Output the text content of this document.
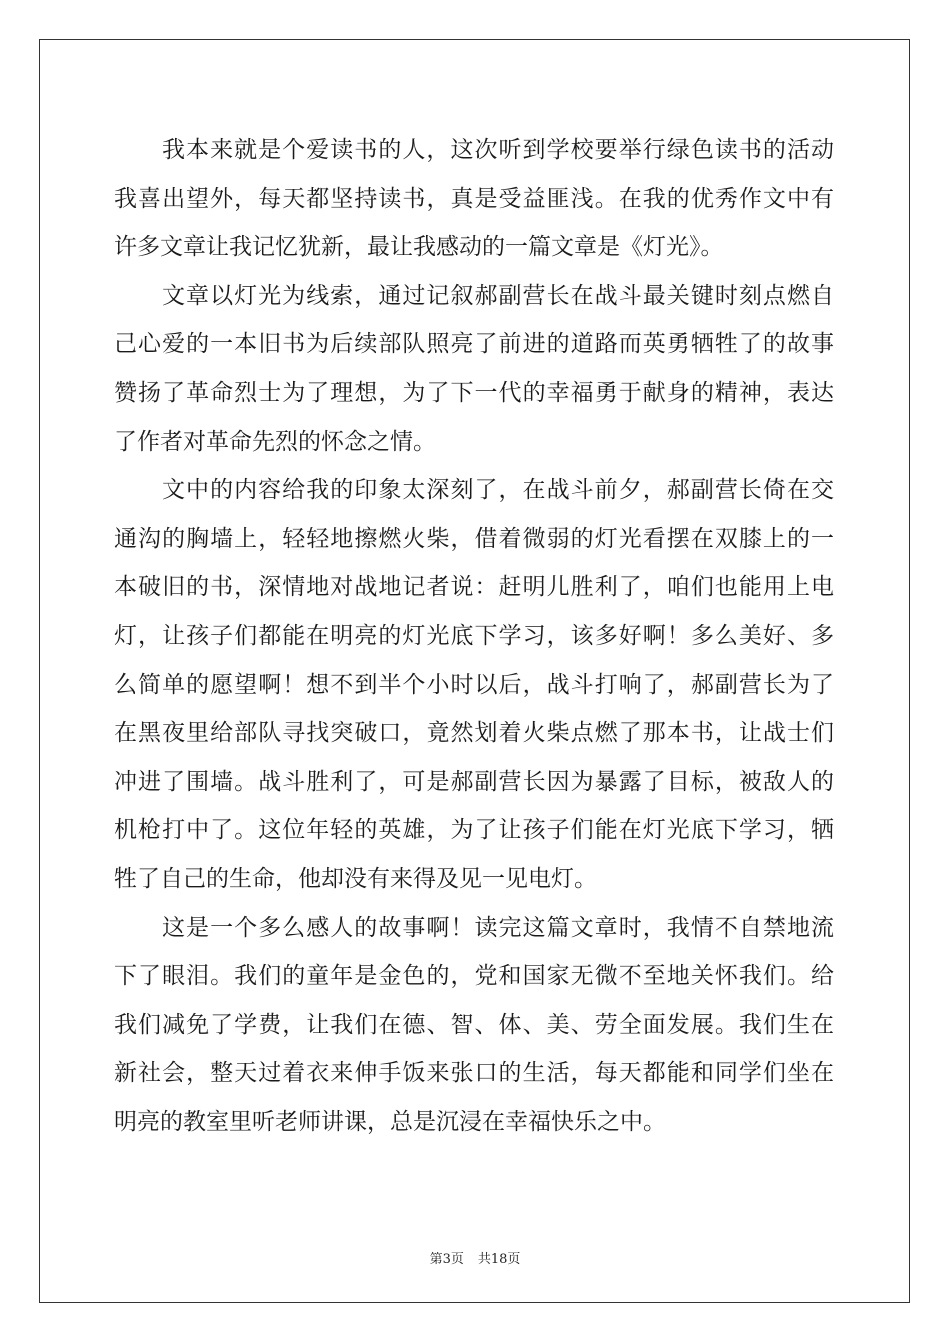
我本来就是个爱读书的人，这次听到学校要举行绿色读书的活动
我喜出望外，每天都坚持读书，真是受益匪浅。在我的优秀作文中有
许多文章让我记忆犹新，最让我感动的一篇文章是《灯光》。
文章以灯光为线索，通过记叙郝副营长在战斗最关键时刻点燃自
己心爱的一本旧书为后续部队照亮了前进的道路而英勇牺牲了的故事
赞扬了革命烈士为了理想，为了下一代的幸福勇于献身的精神，表达
了作者对革命先烈的怀念之情。
文中的内容给我的印象太深刻了，在战斗前夕，郝副营长倚在交
通沟的胸墙上，轻轻地擦燃火柴，借着微弱的灯光看摆在双膝上的一
本破旧的书，深情地对战地记者说：赶明儿胜利了，咱们也能用上电
灯，让孩子们都能在明亮的灯光底下学习，该多好啊！多么美好、多
么简单的愿望啊！想不到半个小时以后，战斗打响了，郝副营长为了
在黑夜里给部队寻找突破口，竟然划着火柴点燃了那本书，让战士们
冲进了围墙。战斗胜利了，可是郝副营长因为暴露了目标，被敌人的
机枪打中了。这位年轻的英雄，为了让孩子们能在灯光底下学习，牺
牲了自己的生命，他却没有来得及见一见电灯。
这是一个多么感人的故事啊！读完这篇文章时，我情不自禁地流
下了眼泪。我们的童年是金色的，党和国家无微不至地关怀我们。给
我们减免了学费，让我们在德、智、体、美、劳全面发展。我们生在
新社会，整天过着衣来伸手饭来张口的生活，每天都能和同学们坐在
明亮的教室里听老师讲课，总是沉浸在幸福快乐之中。
第3页 共18页
